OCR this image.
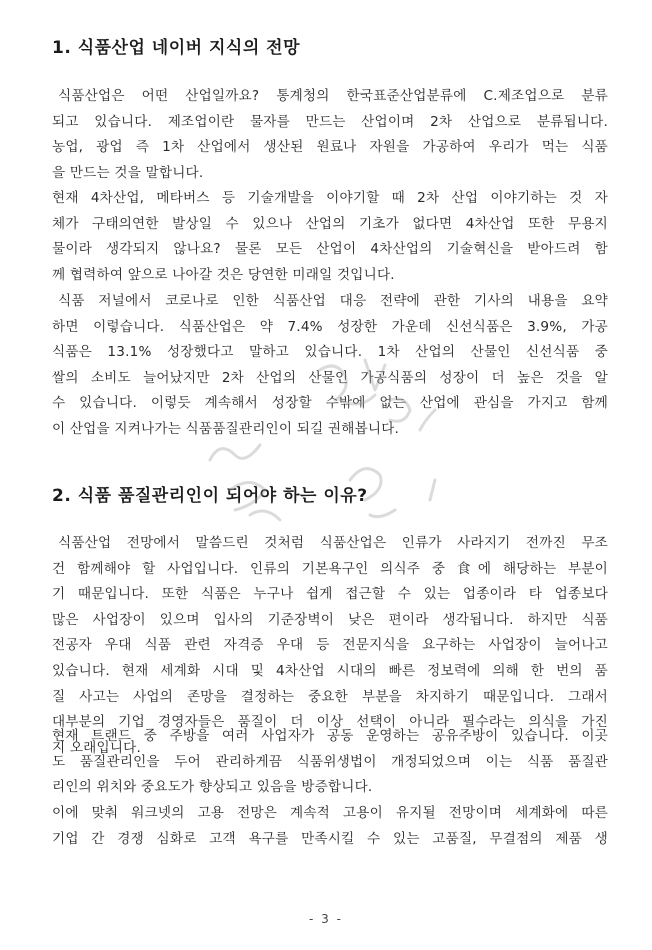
1. 식품산업 네이버 지식의 전망
식품산업은 어떤 산업일까요? 통계청의 한국표준산업분류에 C.제조업으로 분류
되고 있습니다. 제조업이란 물자를 만드는 산업이며 2차 산업으로 분류됩니다.
농업, 광업 즉 1차 산업에서 생산된 원료나 자원을 가공하여 우리가 먹는 식품
을 만드는 것을 말합니다.
현재 4차산업, 메타버스 등 기술개발을 이야기할 때 2차 산업 이야기하는 것 자
체가 구태의연한 발상일 수 있으나 산업의 기초가 없다면 4차산업 또한 무용지
물이라 생각되지 않나요? 물론 모든 산업이 4차산업의 기술혁신을 받아드려 함
께 협력하여 앞으로 나아갈 것은 당연한 미래일 것입니다.
식품 저널에서 코로나로 인한 식품산업 대응 전략에 관한 기사의 내용을 요약
하면 이렇습니다. 식품산업은 약 7.4% 성장한 가운데 신선식품은 3.9%, 가공
식품은 13.1% 성장했다고 말하고 있습니다. 1차 산업의 산물인 신선식품 중
쌀의 소비도 늘어났지만 2차 산업의 산물인 가공식품의 성장이 더 높은 것을 알
수 있습니다. 이렇듯 계속해서 성장할 수밖에 없는 산업에 관심을 가지고 함께
이 산업을 지켜나가는 식품품질관리인이 되길 권해봅니다.
2. 식품 품질관리인이 되어야 하는 이유?
식품산업 전망에서 말씀드린 것처럼 식품산업은 인류가 사라지기 전까진 무조
건 함께해야 할 사업입니다. 인류의 기본욕구인 의식주 중 食에 해당하는 부분이
기 때문입니다. 또한 식품은 누구나 쉽게 접근할 수 있는 업종이라 타 업종보다
많은 사업장이 있으며 입사의 기준장벽이 낮은 편이라 생각됩니다. 하지만 식품
전공자 우대 식품 관련 자격증 우대 등 전문지식을 요구하는 사업장이 늘어나고
있습니다. 현재 세계화 시대 및 4차산업 시대의 빠른 정보력에 의해 한 번의 품
질 사고는 사업의 존망을 결정하는 중요한 부분을 차지하기 때문입니다. 그래서
대부분의 기업 경영자들은 품질이 더 이상 선택이 아니라 필수라는 의식을 가진
지 오래입니다.
현재 트랜드 중 주방을 여러 사업자가 공동 운영하는 공유주방이 있습니다. 이곳
도 품질관리인을 두어 관리하게끔 식품위생법이 개정되었으며 이는 식품 품질관
리인의 위치와 중요도가 향상되고 있음을 방증합니다.
이에 맞춰 워크넷의 고용 전망은 계속적 고용이 유지될 전망이며 세계화에 따른
기업 간 경쟁 심화로 고객 욕구를 만족시킬 수 있는 고품질, 무결점의 제품 생
- 3 -
